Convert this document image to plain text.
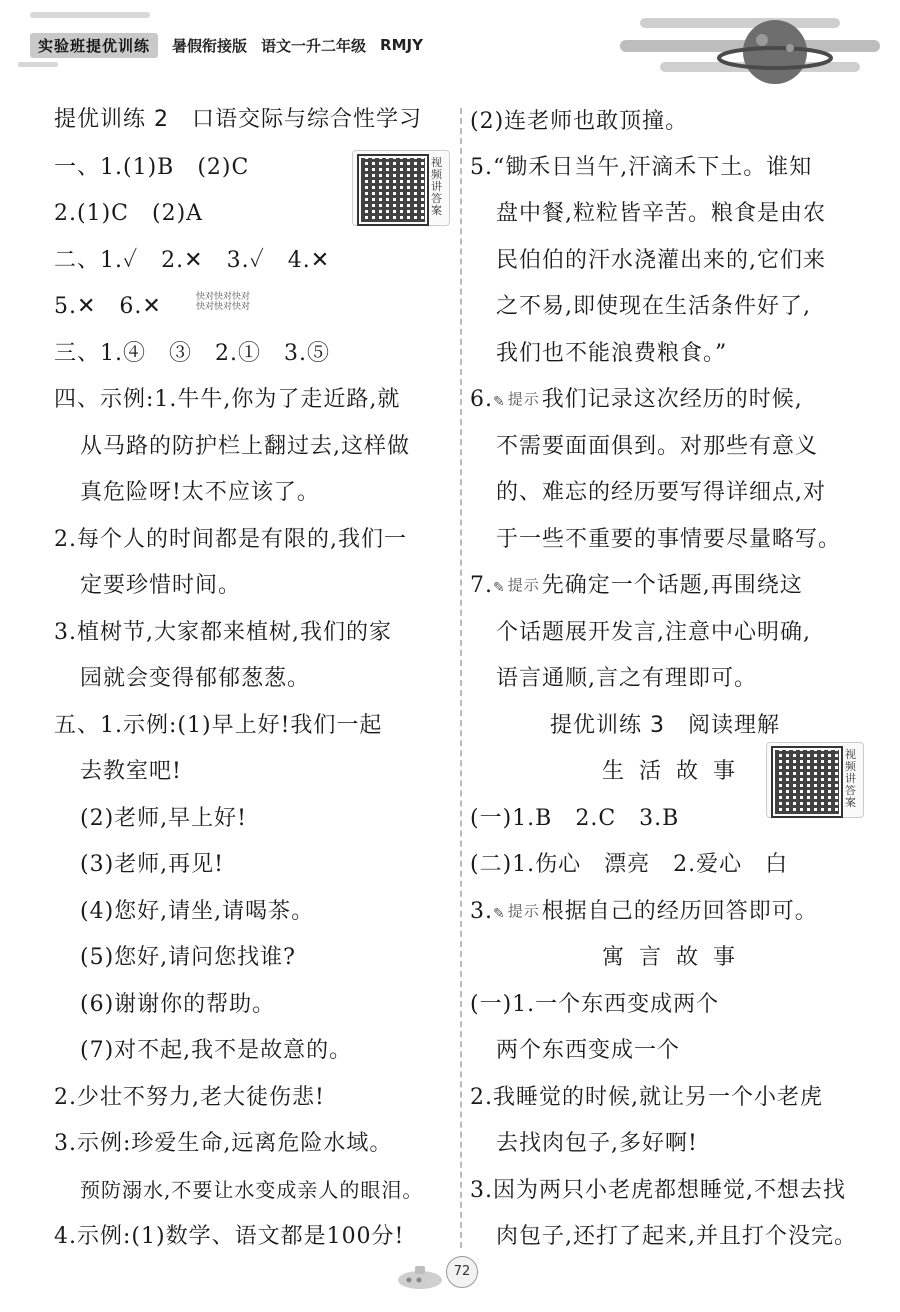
实验班提优训练	暑假衔接版 语文一升二年级 RMJY
提优训练 2　口语交际与综合性学习
一、1.(1)B　(2)C
2.(1)C　(2)A
二、1.✓　2.✕　3.✓　4.✕
5.✕　6.✕
三、1.④　③　2.①　3.⑤
四、示例:1.牛牛,你为了走近路,就
从马路的防护栏上翻过去,这样做
真危险呀!太不应该了。
2.每个人的时间都是有限的,我们一
定要珍惜时间。
3.植树节,大家都来植树,我们的家
园就会变得郁郁葱葱。
五、1.示例:(1)早上好!我们一起
去教室吧!
(2)老师,早上好!
(3)老师,再见!
(4)您好,请坐,请喝茶。
(5)您好,请问您找谁?
(6)谢谢你的帮助。
(7)对不起,我不是故意的。
2.少壮不努力,老大徒伤悲!
3.示例:珍爱生命,远离危险水域。
预防溺水,不要让水变成亲人的眼泪。
4.示例:(1)数学、语文都是100分!
视频讲答案
快对快对快对
快对快对快对
(2)连老师也敢顶撞。
5.“锄禾日当午,汗滴禾下土。谁知
盘中餐,粒粒皆辛苦。粮食是由农
民伯伯的汗水浇灌出来的,它们来
之不易,即使现在生活条件好了,
我们也不能浪费粮食。”
6.✎ 提示我们记录这次经历的时候,
不需要面面俱到。对那些有意义
的、难忘的经历要写得详细点,对
于一些不重要的事情要尽量略写。
7.✎ 提示先确定一个话题,再围绕这
个话题展开发言,注意中心明确,
语言通顺,言之有理即可。
提优训练 3　阅读理解
生 活 故 事
(一)1.B　2.C　3.B
(二)1.伤心　漂亮　2.爱心　白
3.✎ 提示根据自己的经历回答即可。
寓 言 故 事
(一)1.一个东西变成两个
两个东西变成一个
2.我睡觉的时候,就让另一个小老虎
去找肉包子,多好啊!
3.因为两只小老虎都想睡觉,不想去找
肉包子,还打了起来,并且打个没完。
视频讲答案
72
